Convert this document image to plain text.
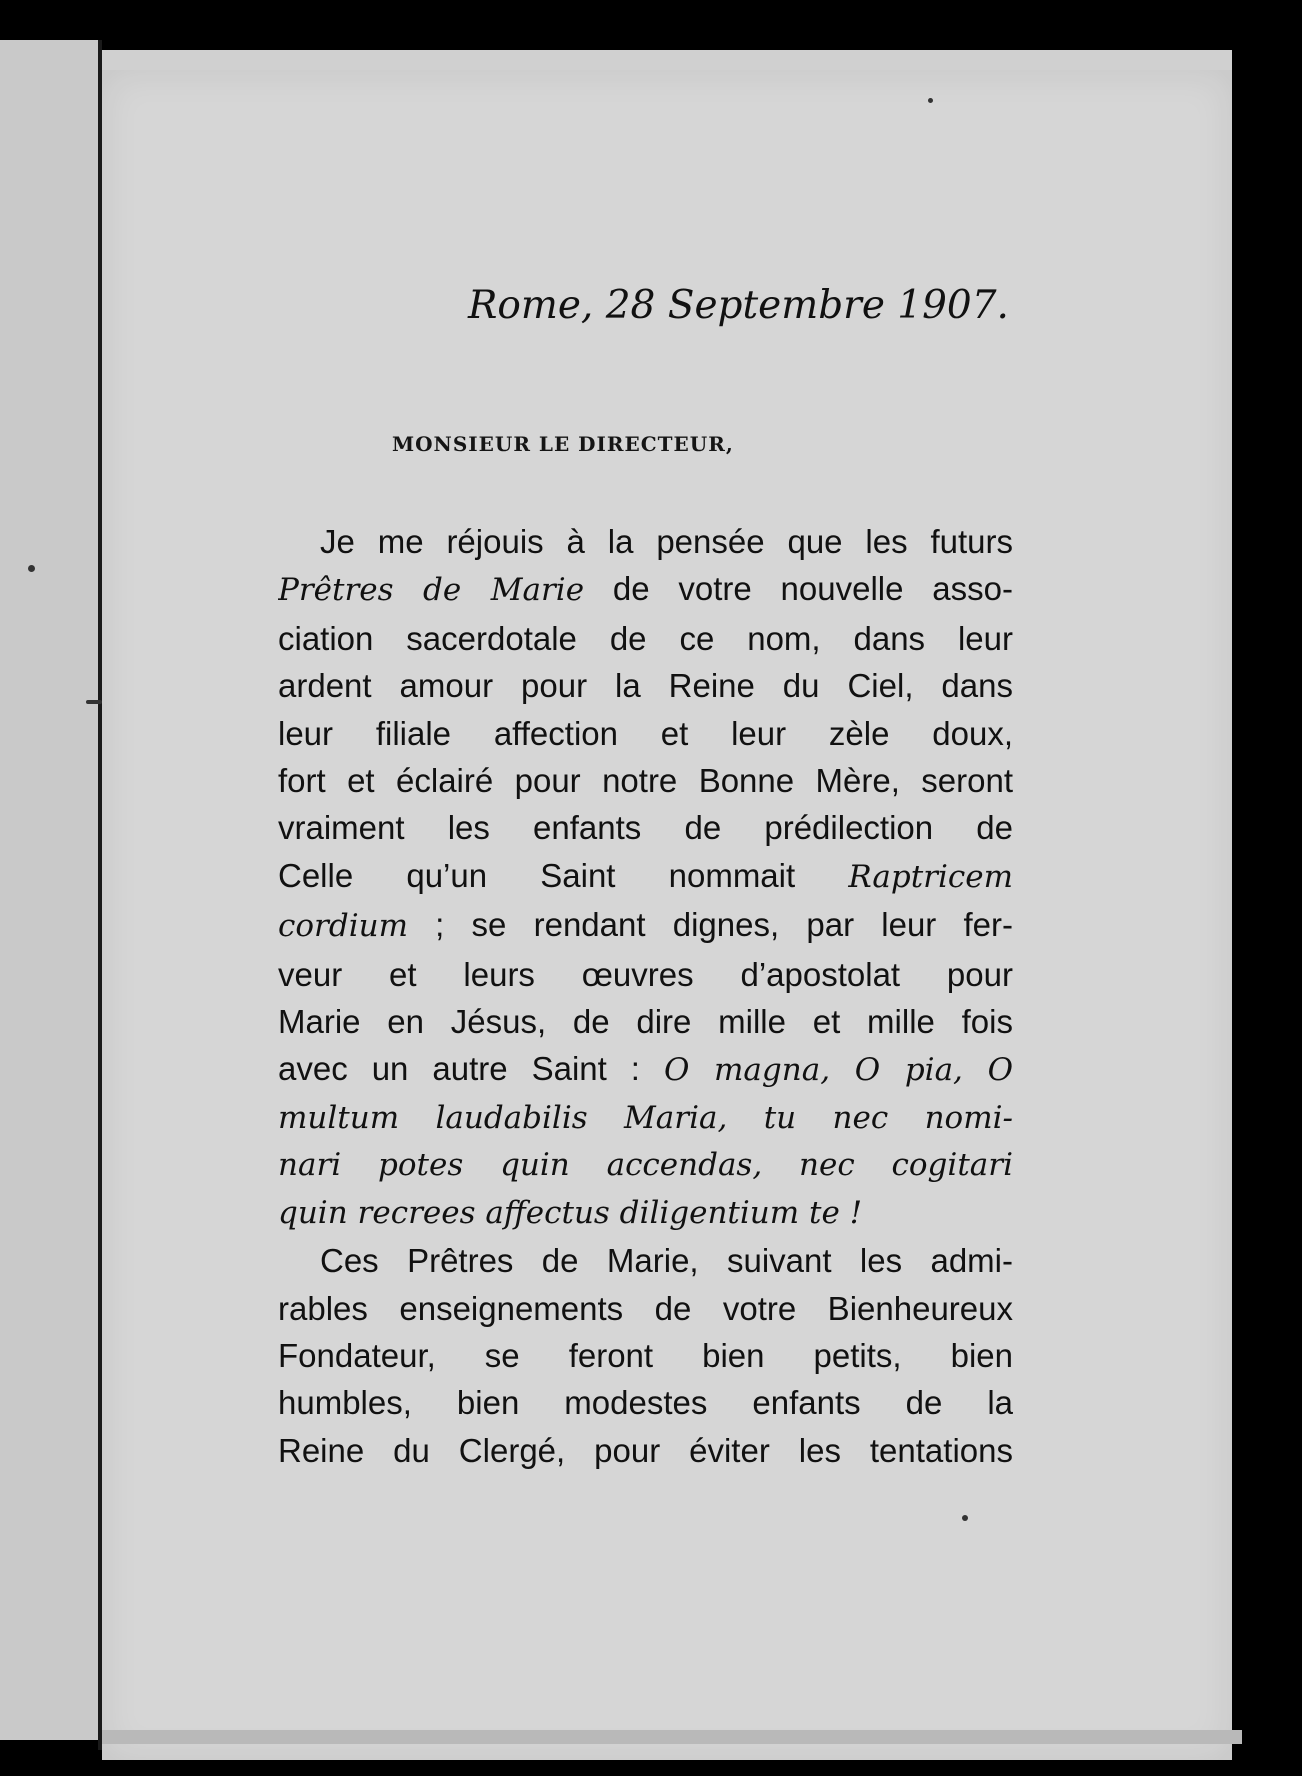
Rome, 28 Septembre 1907.
MONSIEUR LE DIRECTEUR,
Je me réjouis à la pensée que les futurs
Prêtres de Marie de votre nouvelle asso-
ciation sacerdotale de ce nom, dans leur
ardent amour pour la Reine du Ciel, dans
leur filiale affection et leur zèle doux,
fort et éclairé pour notre Bonne Mère, seront
vraiment les enfants de prédilection de
Celle qu’un Saint nommait Raptricem
cordium ; se rendant dignes, par leur fer-
veur et leurs œuvres d’apostolat pour
Marie en Jésus, de dire mille et mille fois
avec un autre Saint : O magna, O pia, O
multum laudabilis Maria, tu nec nomi-
nari potes quin accendas, nec cogitari
quin recrees affectus diligentium te !
Ces Prêtres de Marie, suivant les admi-
rables enseignements de votre Bienheureux
Fondateur, se feront bien petits, bien
humbles, bien modestes enfants de la
Reine du Clergé, pour éviter les tentations
